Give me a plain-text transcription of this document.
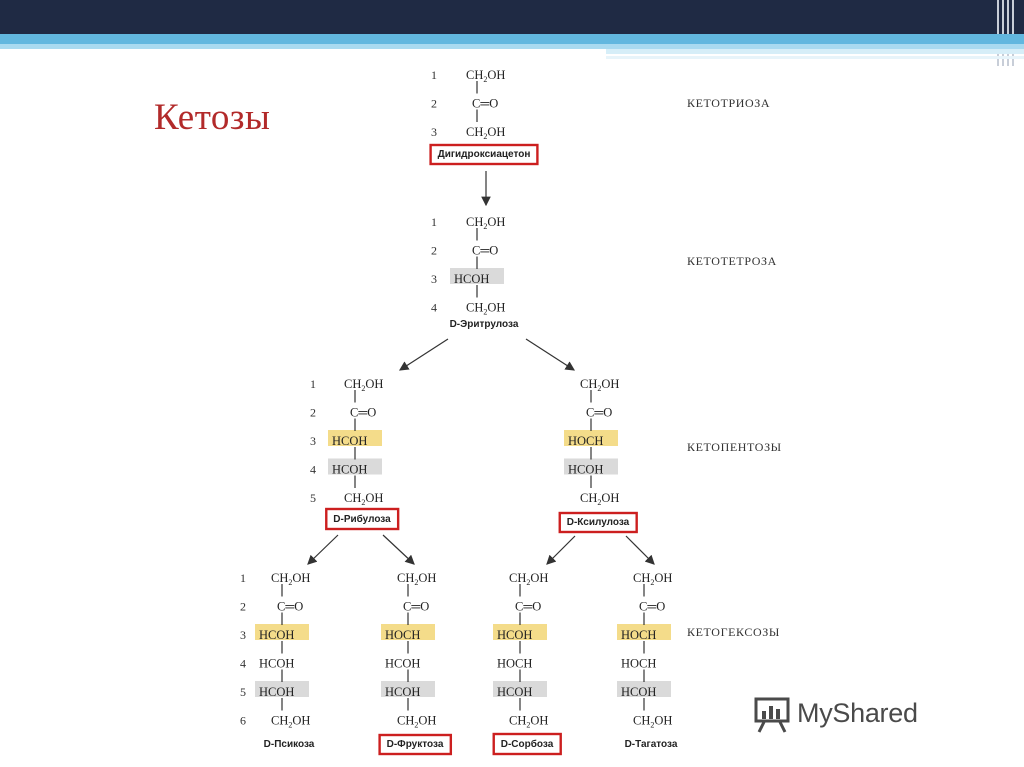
Кетозы
1 $CH_2OH$
2	C═O
3 $CH_2OH$
Дигидроксиацетон
1 $CH_2OH$
2	C═O
3 HCOH
4 $CH_2OH$
D-Эритрулоза
1 $CH_2OH$
2	C═O
3 HCOH
4 HCOH
5 $CH_2OH$
D-Рибулоза
$CH_2OH$
C═O
HOCH
HCOH
$CH_2OH$
D-Ксилулоза
1 $CH_2OH$
2 C═O
3 HCOH
4 HCOH
5 HCOH
6 $CH_2OH$
D-Псикоза
$CH_2OH$
C═O
HOCH
HCOH
HCOH
$CH_2OH$
D-Фруктоза
$CH_2OH$
C═O
HCOH
HOCH
HCOH
$CH_2OH$
D-Сорбоза
$CH_2OH$
C═O
HOCH
HOCH
HCOH
$CH_2OH$
D-Тагатоза
КЕТОТРИОЗА
КЕТОТЕТРОЗА
КЕТОПЕНТОЗЫ
КЕТОГЕКСОЗЫ
MyShared
